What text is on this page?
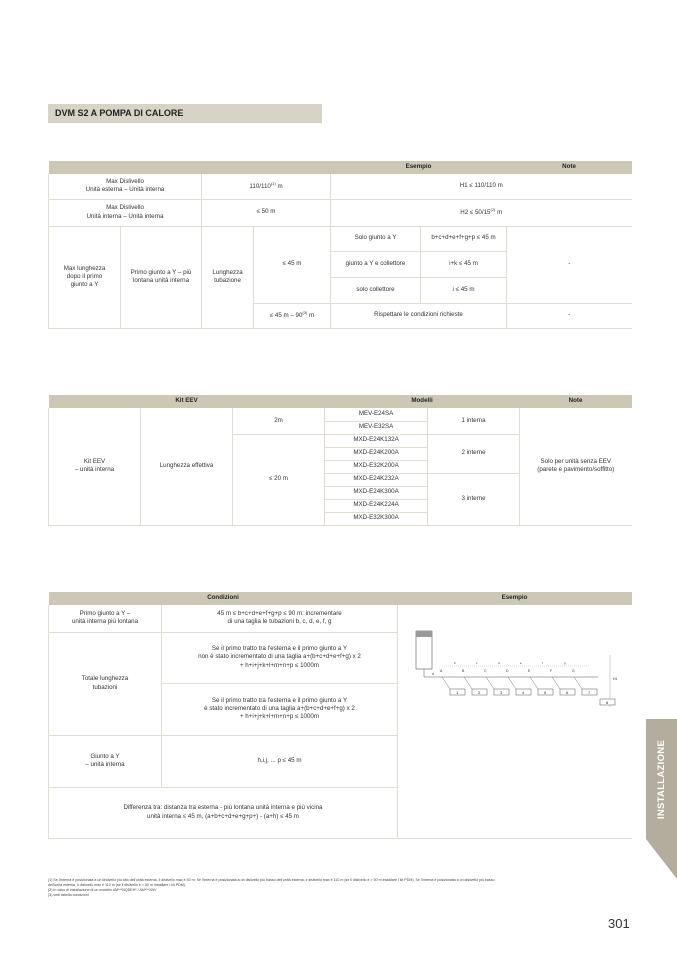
DVM S2 A POMPA DI CALORE
				Esempio		Note
Max Dislivello
Unità esterna – Unità interna		110/110$^{(1)}$ m		H1 ≤ 110/110 m		
Max Dislivello
Unità interna – Unità interna		≤ 50 m		$H2 \le 50/15^{(2)}$ m		
Max lunghezza
dopo il primo
giunto a Y	Primo giunto a Y – più
lontana unità interna	Lunghezza
tubazione	≤ 45 m	Solo giunto a Y	b+c+d+e+f+g+p ≤ 45 m	-
				giunto a Y e collettore	i+k ≤ 45 m	
				solo collettore	i ≤ 45 m	
			≤ 45 m – 90$^{(3)}$ m	Rispettare le condizioni richieste		-
Kit EEV			Modelli		Note
Kit EEV
– unità interna	Lunghezza effettiva	2m	MEV-E24SA	1 interna	Solo per unità senza EEV
(parete e pavimento/soffitto)
			MEV-E32SA		
		≤ 20 m	MXD-E24K132A	2 interne	
			MXD-E24K200A		
			MXD-E32K200A		
			MXD-E24K232A	3 interne	
			MXD-E24K300A		
			MXD-E24K224A		
			MXD-E32K300A		
Condizioni		Esempio
Primo giunto a Y –
unità interna più lontana	45 m ≤ b+c+d+e+f+g+p ≤ 90 m: incrementare
di una taglia le tubazioni b, c, d, e, f, g	
Totale lunghezza
tubazioni	Se il primo tratto tra l'esterna e il primo giunto a Y
non è stato incrementato di una taglia a+(b+c+d+e+f+g) x 2
+ h+i+j+k+l+m+n+p ≤ 1000m	
	Se il primo tratto tra l'esterna e il primo giunto a Y
è stato incrementato di una taglia a+(b+c+d+e+f+g) x 2
+ h+i+j+k+l+m+n+p ≤ 1000m	
Giunto a Y
– unità interna	h,i,j, ... p ≤ 45 m	
Differenza tra: distanza tra esterna - più lontana unità interna e più vicina
unità interna ≤ 45 m, (a+b+c+d+e+g+p+) - (a+h) ≤ 45 m		
A	B	C	D	E	F	G
1	2	3	4	5	6	7
8
a
H1
b	c	d	e	f	g
INSTALLAZIONE
(1) Se l'interna è posizionata a un dislivello più alto dell'unità esterna, il dislivello max è 40 m; Se l'interna è posizionata a un dislivello più basso dell'unità esterna, il dislivello max è 110 m (se il dislivello è > 50 m installare i kit PDM), Se l'interna è posizionata a un dislivello più basso
dell'unità esterna, il dislivello max è 110 m (se il dislivello è > 50 m installare i kit PDM).
(2) In caso di installazione di un modello AM***NQDEH* / AM***XNV
(3) vedi tabella condizioni
301
